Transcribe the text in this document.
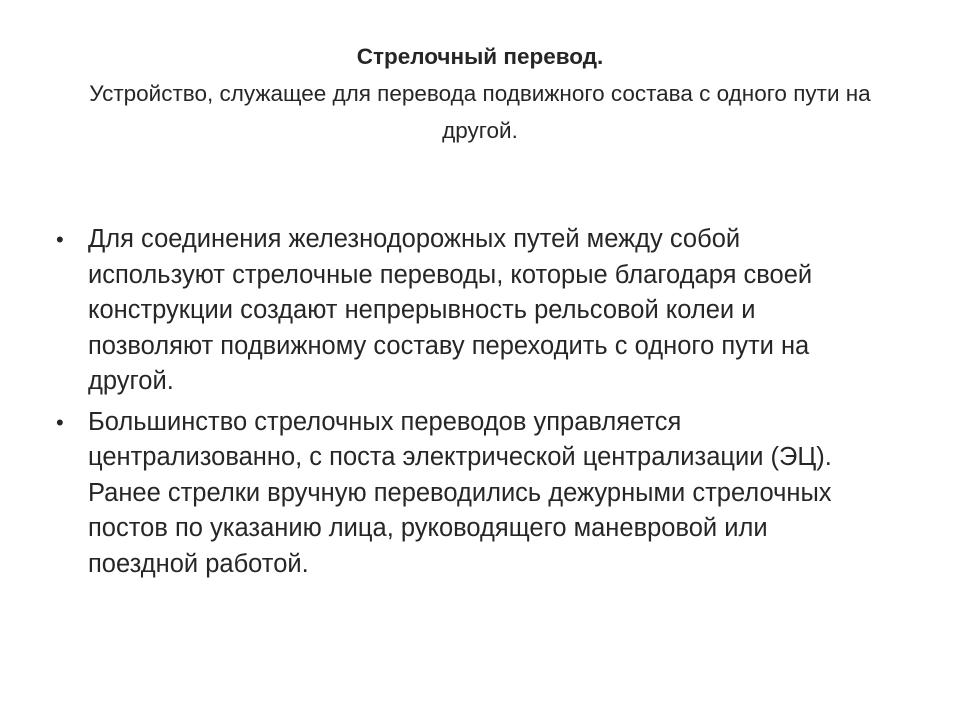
Стрелочный перевод.
Устройство, служащее для перевода подвижного состава с одного пути на другой.
• Для соединения железнодорожных путей между собой используют стрелочные переводы, которые благодаря своей конструкции создают непрерывность рельсовой колеи и позволяют подвижному составу переходить с одного пути на другой.
• Большинство стрелочных переводов управляется централизованно, с поста электрической централизации (ЭЦ). Ранее стрелки вручную переводились дежурными стрелочных постов по указанию лица, руководящего маневровой или поездной работой.
